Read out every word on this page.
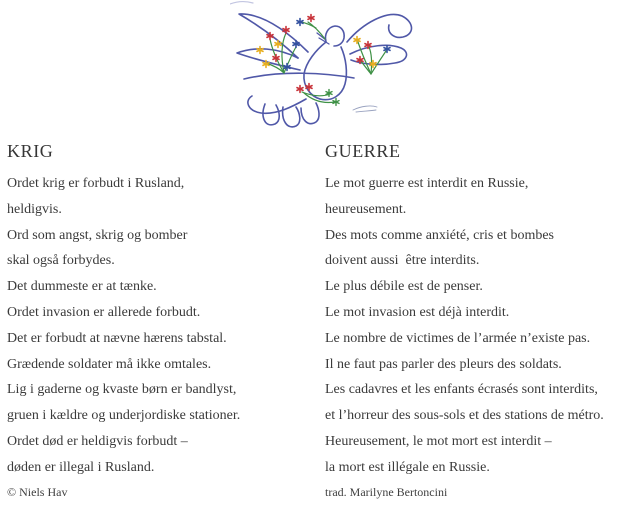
KRIG

Ordet krig er forbudt i Rusland,

heldigvis.

Ord som angst, skrig og bomber

skal også forbydes.

Det dummeste er at tænke.

Ordet invasion er allerede forbudt.

Det er forbudt at nævne hærens tabstal.

Grædende soldater må ikke omtales.

Lig i gaderne og kvaste børn er bandlyst,

gruen i kældre og underjordiske stationer.

Ordet død er heldigvis forbudt –

døden er illegal i Rusland.

© Niels Hav

GUERRE

Le mot guerre est interdit en Russie,

heureusement.

Des mots comme anxiété, cris et bombes

doivent aussi  être interdits.

Le plus débile est de penser.

Le mot invasion est déjà interdit.

Le nombre de victimes de l’armée n’existe pas.

Il ne faut pas parler des pleurs des soldats.

Les cadavres et les enfants écrasés sont interdits,

et l’horreur des sous-sols et des stations de métro.

Heureusement, le mot mort est interdit –

la mort est illégale en Russie.

trad. Marilyne Bertoncini
